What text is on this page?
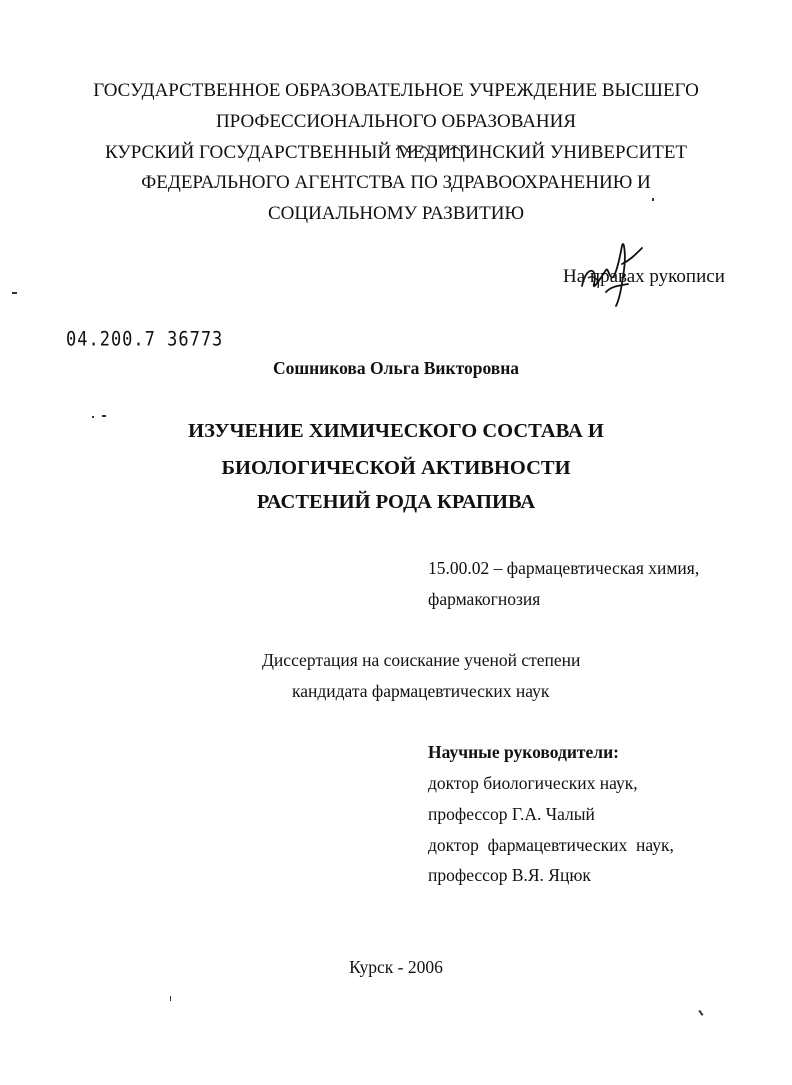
ГОСУДАРСТВЕННОЕ ОБРАЗОВАТЕЛЬНОЕ УЧРЕЖДЕНИЕ ВЫСШЕГО
ПРОФЕССИОНАЛЬНОГО ОБРАЗОВАНИЯ
КУРСКИЙ ГОСУДАРСТВЕННЫЙ МЕДИЦИНСКИЙ УНИВЕРСИТЕТ
ФЕДЕРАЛЬНОГО АГЕНТСТВА ПО ЗДРАВООХРАНЕНИЮ И
СОЦИАЛЬНОМУ РАЗВИТИЮ
На правах рукописи
04.200.7 36773
Сошникова Ольга Викторовна
ИЗУЧЕНИЕ ХИМИЧЕСКОГО СОСТАВА И
БИОЛОГИЧЕСКОЙ АКТИВНОСТИ
РАСТЕНИЙ РОДА КРАПИВА
15.00.02 – фармацевтическая химия,
фармакогнозия
Диссертация на соискание ученой степени
кандидата фармацевтических наук
Научные руководители:
доктор биологических наук,
профессор Г.А. Чалый
доктор  фармацевтических  наук,
профессор В.Я. Яцюк
Курск - 2006
